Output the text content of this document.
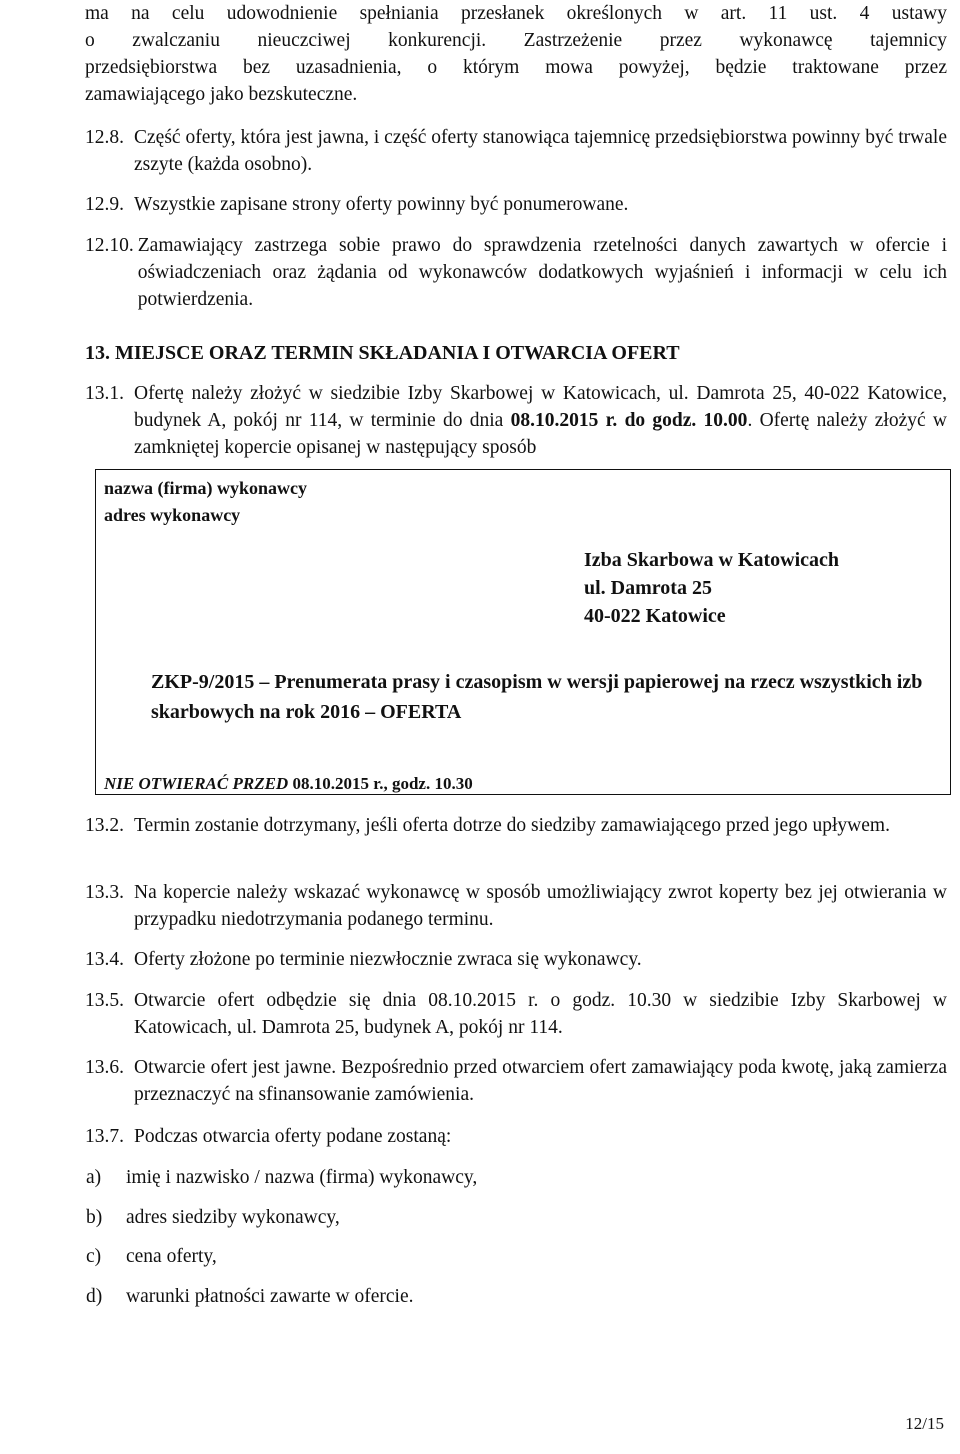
ma na celu udowodnienie spełniania przesłanek określonych w art. 11 ust. 4 ustawy
o zwalczaniu nieuczciwej konkurencji. Zastrzeżenie przez wykonawcę tajemnicy
przedsiębiorstwa bez uzasadnienia, o którym mowa powyżej, będzie traktowane przez
zamawiającego jako bezskuteczne.
12.8. Część oferty, która jest jawna, i część oferty stanowiąca tajemnicę przedsiębiorstwa powinny być trwale zszyte (każda osobno).
12.9. Wszystkie zapisane strony oferty powinny być ponumerowane.
12.10. Zamawiający zastrzega sobie prawo do sprawdzenia rzetelności danych zawartych w ofercie i oświadczeniach oraz żądania od wykonawców dodatkowych wyjaśnień i informacji w celu ich potwierdzenia.
13. MIEJSCE ORAZ TERMIN SKŁADANIA I OTWARCIA OFERT
13.1. Ofertę należy złożyć w siedzibie Izby Skarbowej w Katowicach, ul. Damrota 25, 40-022 Katowice, budynek A, pokój nr 114, w terminie do dnia 08.10.2015 r. do godz. 10.00. Ofertę należy złożyć w zamkniętej kopercie opisanej w następujący sposób
nazwa (firma) wykonawcy
adres wykonawcy
Izba Skarbowa w Katowicach
ul. Damrota 25
40-022 Katowice
ZKP-9/2015 – Prenumerata prasy i czasopism w wersji papierowej na rzecz wszystkich izb skarbowych na rok 2016 – OFERTA
NIE OTWIERAĆ PRZED 08.10.2015 r., godz. 10.30
13.2. Termin zostanie dotrzymany, jeśli oferta dotrze do siedziby zamawiającego przed jego upływem.
13.3. Na kopercie należy wskazać wykonawcę w sposób umożliwiający zwrot koperty bez jej otwierania w przypadku niedotrzymania podanego terminu.
13.4. Oferty złożone po terminie niezwłocznie zwraca się wykonawcy.
13.5. Otwarcie ofert odbędzie się dnia 08.10.2015 r. o godz. 10.30 w siedzibie Izby Skarbowej w Katowicach, ul. Damrota 25, budynek A, pokój nr 114.
13.6. Otwarcie ofert jest jawne. Bezpośrednio przed otwarciem ofert zamawiający poda kwotę, jaką zamierza przeznaczyć na sfinansowanie zamówienia.
13.7. Podczas otwarcia oferty podane zostaną:
a)	imię i nazwisko / nazwa (firma) wykonawcy,
b)	adres siedziby wykonawcy,
c)	cena oferty,
d)	warunki płatności zawarte w ofercie.
12/15
